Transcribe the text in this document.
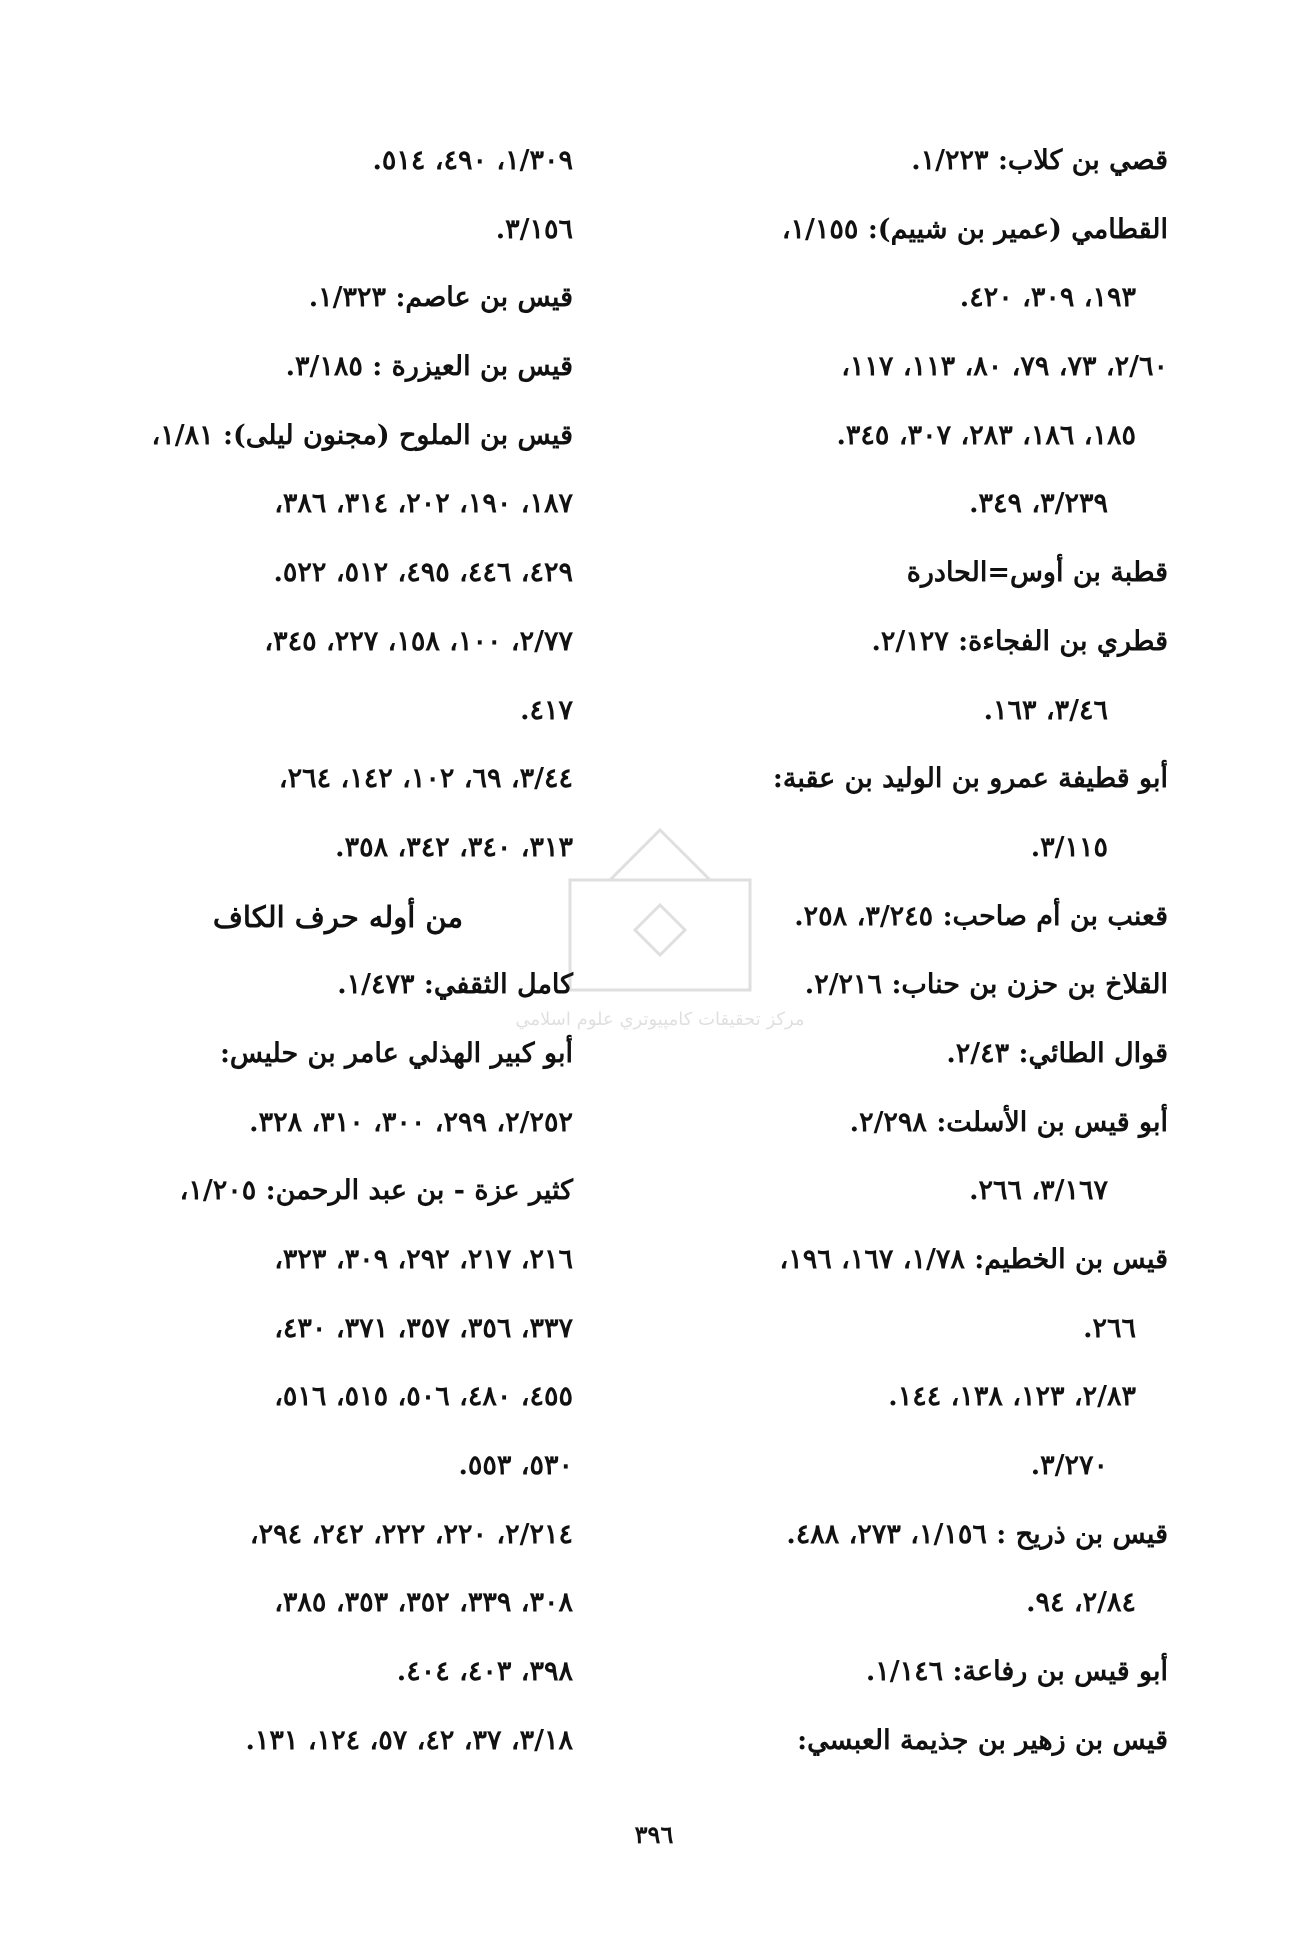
قصي بن كلاب: ١/٢٢٣.
القطامي (عمير بن شييم): ١/١٥٥،
١٩٣، ٣٠٩، ٤٢٠.
٢/٦٠، ٧٣، ٧٩، ٨٠، ١١٣، ١١٧،
١٨٥، ١٨٦، ٢٨٣، ٣٠٧، ٣٤٥.
٣/٢٣٩، ٣٤٩.
قطبة بن أوس=الحادرة
قطري بن الفجاءة: ٢/١٢٧.
٣/٤٦، ١٦٣.
أبو قطيفة عمرو بن الوليد بن عقبة:
٣/١١٥.
قعنب بن أم صاحب: ٣/٢٤٥، ٢٥٨.
القلاخ بن حزن بن حناب: ٢/٢١٦.
قوال الطائي: ٢/٤٣.
أبو قيس بن الأسلت: ٢/٢٩٨.
٣/١٦٧، ٢٦٦.
قيس بن الخطيم: ١/٧٨، ١٦٧، ١٩٦،
٢٦٦.
٢/٨٣، ١٢٣، ١٣٨، ١٤٤.
٣/٢٧٠.
قيس بن ذريح : ١/١٥٦، ٢٧٣، ٤٨٨.
٢/٨٤، ٩٤.
أبو قيس بن رفاعة: ١/١٤٦.
قيس بن زهير بن جذيمة العبسي:
١/٣٠٩، ٤٩٠، ٥١٤.
٣/١٥٦.
قيس بن عاصم: ١/٣٢٣.
قيس بن العيزرة : ٣/١٨٥.
قيس بن الملوح (مجنون ليلى): ١/٨١،
١٨٧، ١٩٠، ٢٠٢، ٣١٤، ٣٨٦،
٤٢٩، ٤٤٦، ٤٩٥، ٥١٢، ٥٢٢.
٢/٧٧، ١٠٠، ١٥٨، ٢٢٧، ٣٤٥،
٤١٧.
٣/٤٤، ٦٩، ١٠٢، ١٤٢، ٢٦٤،
٣١٣، ٣٤٠، ٣٤٢، ٣٥٨.
من أوله حرف الكاف
كامل الثقفي: ١/٤٧٣.
أبو كبير الهذلي عامر بن حليس:
٢/٢٥٢، ٢٩٩، ٣٠٠، ٣١٠، ٣٢٨.
كثير عزة - بن عبد الرحمن: ١/٢٠٥،
٢١٦، ٢١٧، ٢٩٢، ٣٠٩، ٣٢٣،
٣٣٧، ٣٥٦، ٣٥٧، ٣٧١، ٤٣٠،
٤٥٥، ٤٨٠، ٥٠٦، ٥١٥، ٥١٦،
٥٣٠، ٥٥٣.
٢/٢١٤، ٢٢٠، ٢٢٢، ٢٤٢، ٢٩٤،
٣٠٨، ٣٣٩، ٣٥٢، ٣٥٣، ٣٨٥،
٣٩٨، ٤٠٣، ٤٠٤.
٣/١٨، ٣٧، ٤٢، ٥٧، ١٢٤، ١٣١.
مركز تحقيقات كامپيوتري علوم اسلامي
٣٩٦
